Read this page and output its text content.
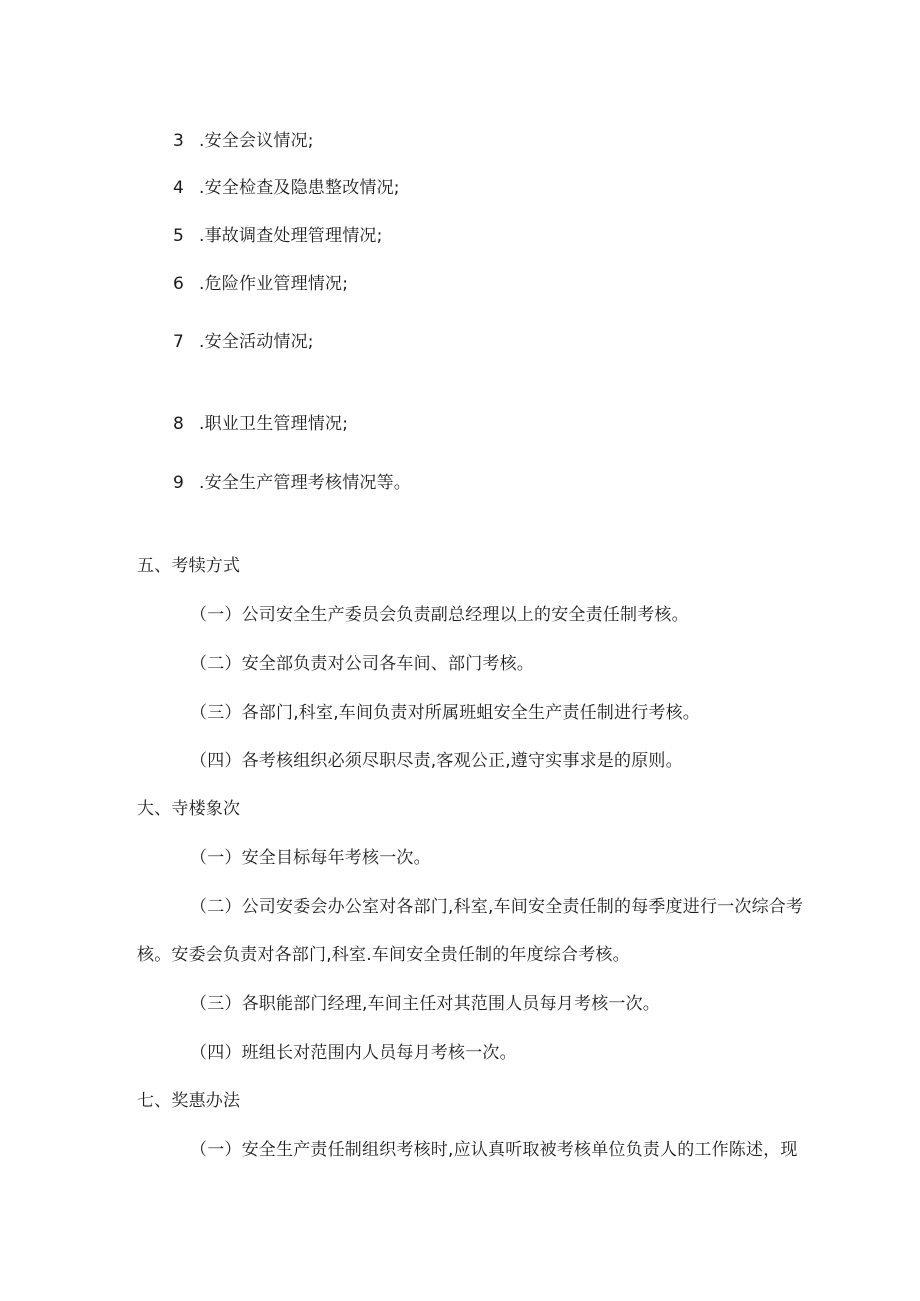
3 .安全会议情况;
4 .安全检查及隐患整改情况;
5 .事故调查处理管理情况;
6 .危险作业管理情况;
7 .安全活动情况;
8 .职业卫生管理情况;
9 .安全生产管理考核情况等。
五、考犊方式
（一）公司安全生产委员会负责副总经理以上的安全责任制考核。
（二）安全部负责对公司各车间、部门考核。
（三）各部门,科室,车间负责对所属班蛆安全生产责任制进行考核。
（四）各考核组织必须尽职尽责,客观公正,遵守实事求是的原则。
大、寺楼象次
（一）安全目标每年考核一次。
（二）公司安委会办公室对各部门,科室,车间安全责任制的每季度进行一次综合考
核。安委会负责对各部门,科室.车间安全贵任制的年度综合考核。
（三）各职能部门经理,车间主任对其范围人员每月考核一次。
（四）班组长对范围内人员每月考核一次。
七、奖惠办法
（一）安全生产责任制组织考核时,应认真听取被考核单位负责人的工作陈述，现
